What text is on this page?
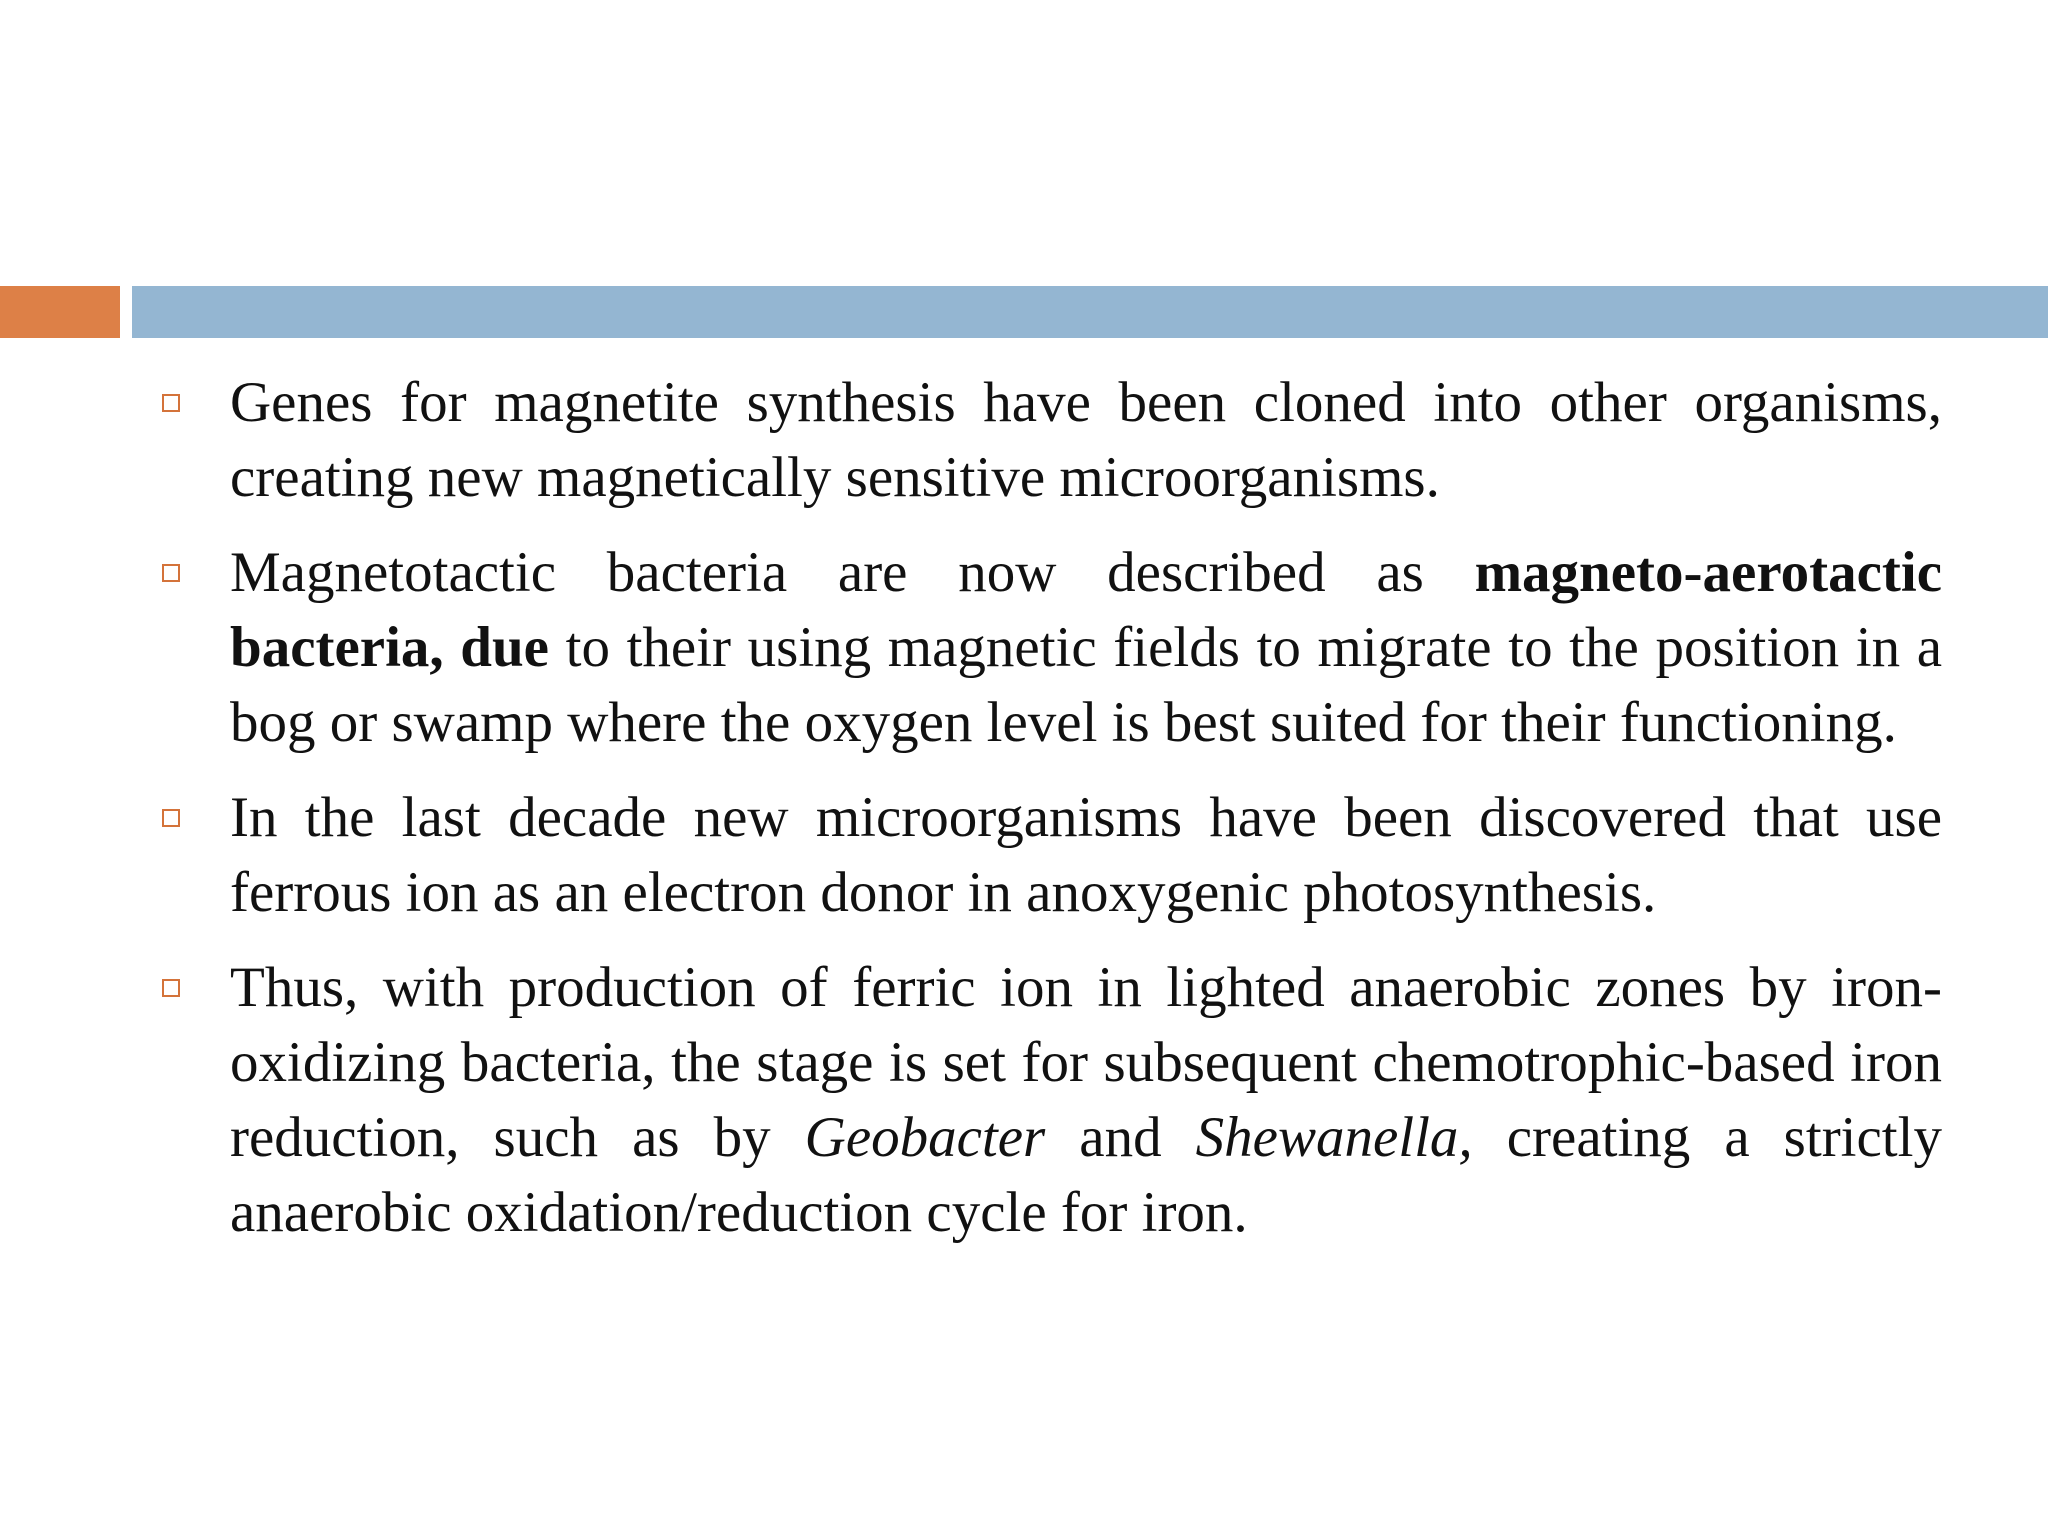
Genes for magnetite synthesis have been cloned into other organisms, creating new magnetically sensitive microorganisms.
Magnetotactic bacteria are now described as magneto-aerotactic bacteria, due to their using magnetic fields to migrate to the position in a bog or swamp where the oxygen level is best suited for their functioning.
In the last decade new microorganisms have been discovered that use ferrous ion as an electron donor in anoxygenic photosynthesis.
Thus, with production of ferric ion in lighted anaerobic zones by iron-oxidizing bacteria, the stage is set for subsequent chemotrophic-based iron reduction, such as by Geobacter and Shewanella, creating a strictly anaerobic oxidation/reduction cycle for iron.
